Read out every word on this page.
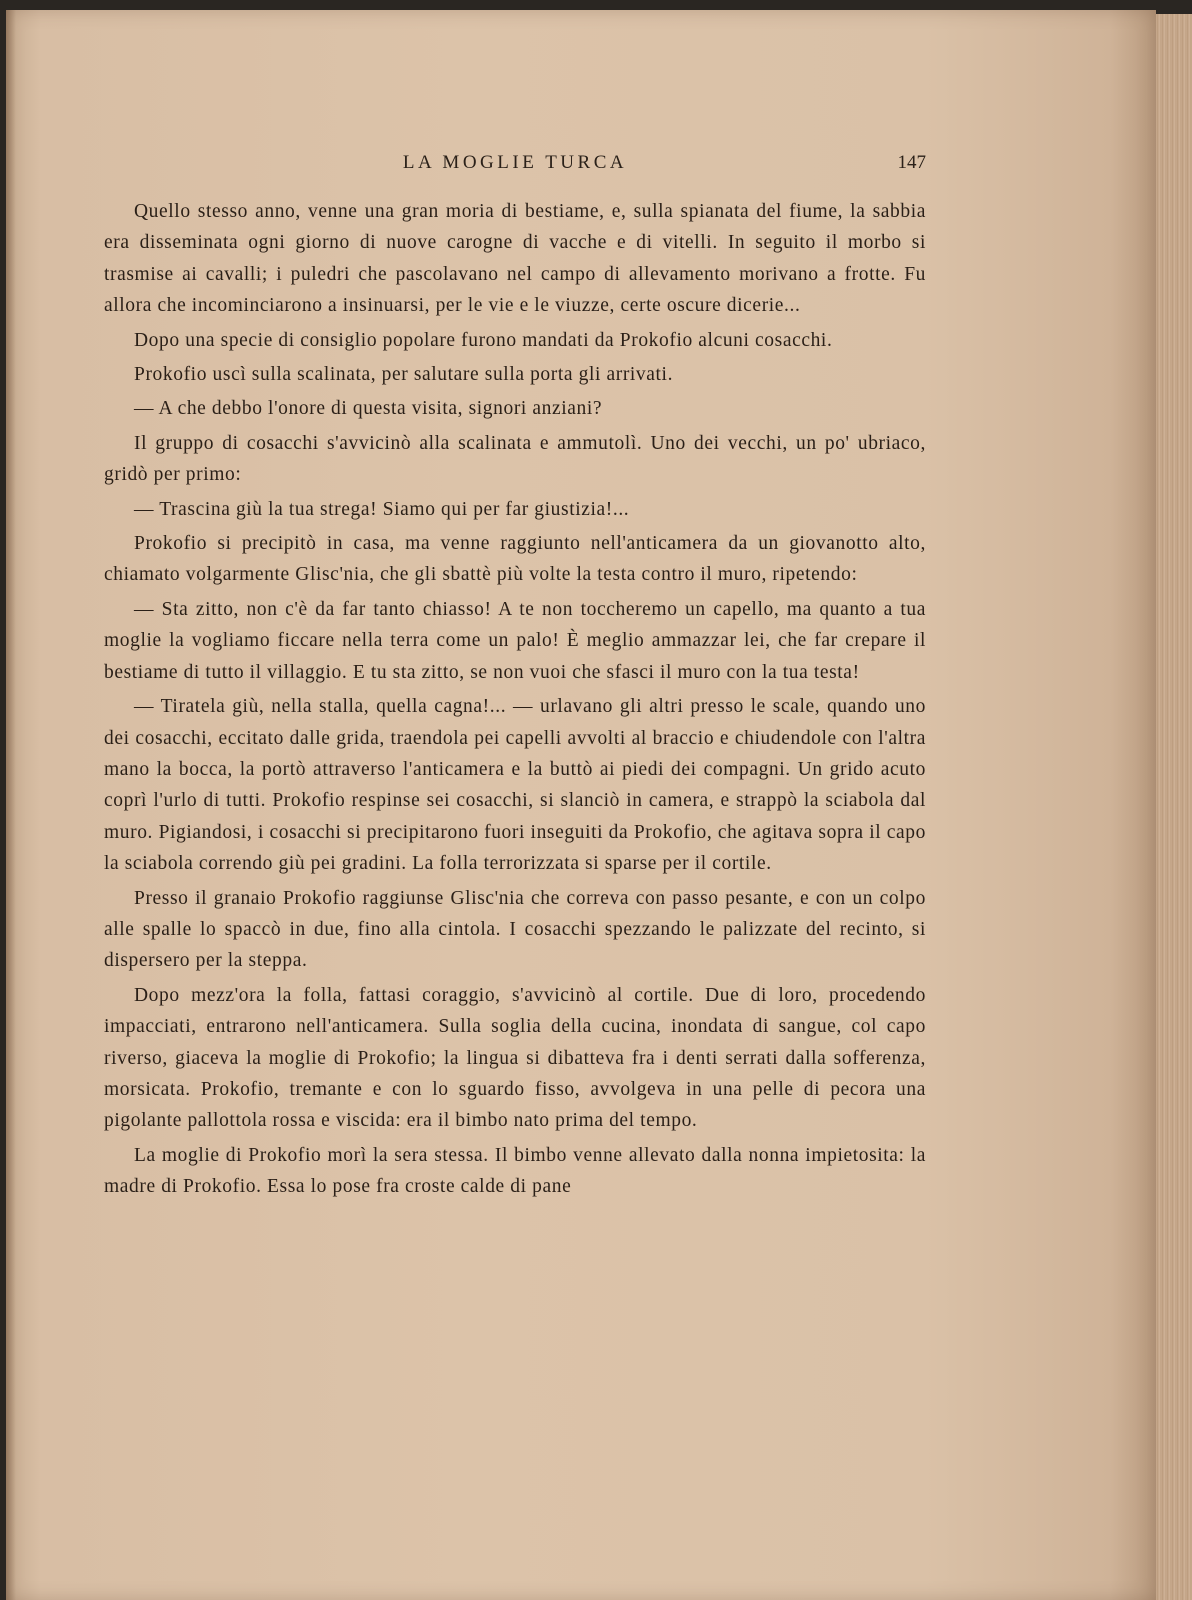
LA MOGLIE TURCA	147

Quello stesso anno, venne una gran moria di bestiame, e, sulla spianata del fiume, la sabbia era disseminata ogni giorno di nuove carogne di vacche e di vitelli. In seguito il morbo si trasmise ai cavalli; i puledri che pascolavano nel campo di allevamento morivano a frotte. Fu allora che incominciarono a insinuarsi, per le vie e le viuzze, certe oscure dicerie...

Dopo una specie di consiglio popolare furono mandati da Prokofio alcuni cosacchi.

Prokofio uscì sulla scalinata, per salutare sulla porta gli arrivati.

— A che debbo l'onore di questa visita, signori anziani?

Il gruppo di cosacchi s'avvicinò alla scalinata e ammutolì. Uno dei vecchi, un po' ubriaco, gridò per primo:

— Trascina giù la tua strega! Siamo qui per far giustizia!...

Prokofio si precipitò in casa, ma venne raggiunto nell'anticamera da un giovanotto alto, chiamato volgarmente Glisc'nia, che gli sbattè più volte la testa contro il muro, ripetendo:

— Sta zitto, non c'è da far tanto chiasso! A te non toccheremo un capello, ma quanto a tua moglie la vogliamo ficcare nella terra come un palo! È meglio ammazzar lei, che far crepare il bestiame di tutto il villaggio. E tu sta zitto, se non vuoi che sfasci il muro con la tua testa!

— Tiratela giù, nella stalla, quella cagna!... — urlavano gli altri presso le scale, quando uno dei cosacchi, eccitato dalle grida, traendola pei capelli avvolti al braccio e chiudendole con l'altra mano la bocca, la portò attraverso l'anticamera e la buttò ai piedi dei compagni. Un grido acuto coprì l'urlo di tutti. Prokofio respinse sei cosacchi, si slanciò in camera, e strappò la sciabola dal muro. Pigiandosi, i cosacchi si precipitarono fuori inseguiti da Prokofio, che agitava sopra il capo la sciabola correndo giù pei gradini. La folla terrorizzata si sparse per il cortile.

Presso il granaio Prokofio raggiunse Glisc'nia che correva con passo pesante, e con un colpo alle spalle lo spaccò in due, fino alla cintola. I cosacchi spezzando le palizzate del recinto, si dispersero per la steppa.

Dopo mezz'ora la folla, fattasi coraggio, s'avvicinò al cortile. Due di loro, procedendo impacciati, entrarono nell'anticamera. Sulla soglia della cucina, inondata di sangue, col capo riverso, giaceva la moglie di Prokofio; la lingua si dibatteva fra i denti serrati dalla sofferenza, morsicata. Prokofio, tremante e con lo sguardo fisso, avvolgeva in una pelle di pecora una pigolante pallottola rossa e viscida: era il bimbo nato prima del tempo.

La moglie di Prokofio morì la sera stessa. Il bimbo venne allevato dalla nonna impietosita: la madre di Prokofio. Essa lo pose fra croste calde di pane
